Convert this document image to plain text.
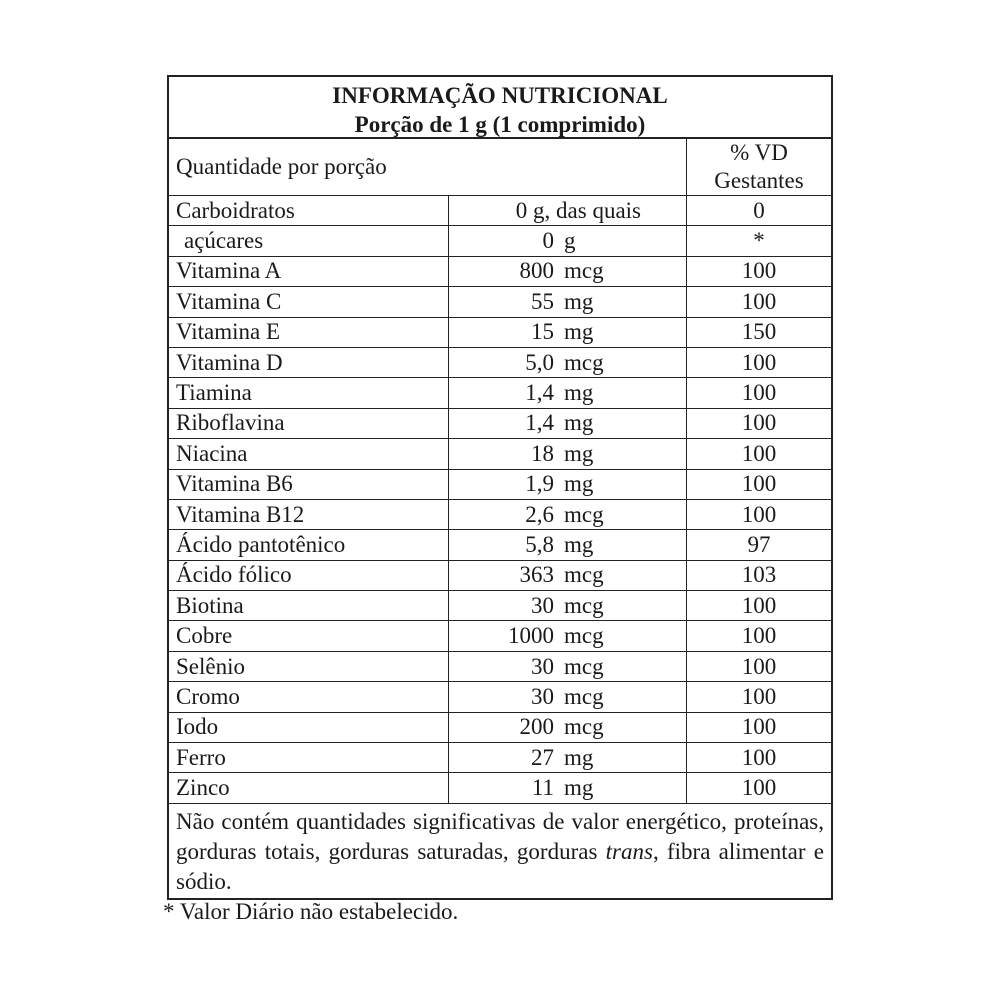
INFORMAÇÃO NUTRICIONAL
Porção de 1 g (1 comprimido)
Quantidade por porção		% VD
Gestantes

Carboidratos	0 g, das quais	0
açúcares	0 g	*
Vitamina A	800 mcg	100
Vitamina C	55 mg	100
Vitamina E	15 mg	150
Vitamina D	5,0 mcg	100
Tiamina	1,4 mg	100
Riboflavina	1,4 mg	100
Niacina	18 mg	100
Vitamina B6	1,9 mg	100
Vitamina B12	2,6 mcg	100
Ácido pantotênico	5,8 mg	97
Ácido fólico	363 mcg	103
Biotina	30 mcg	100
Cobre	1000 mcg	100
Selênio	30 mcg	100
Cromo	30 mcg	100
Iodo	200 mcg	100
Ferro	27 mg	100
Zinco	11 mg	100
Não contém quantidades significativas de valor energético, proteínas, gorduras totais, gorduras saturadas, gorduras trans, fibra alimentar e sódio.
* Valor Diário não estabelecido.
